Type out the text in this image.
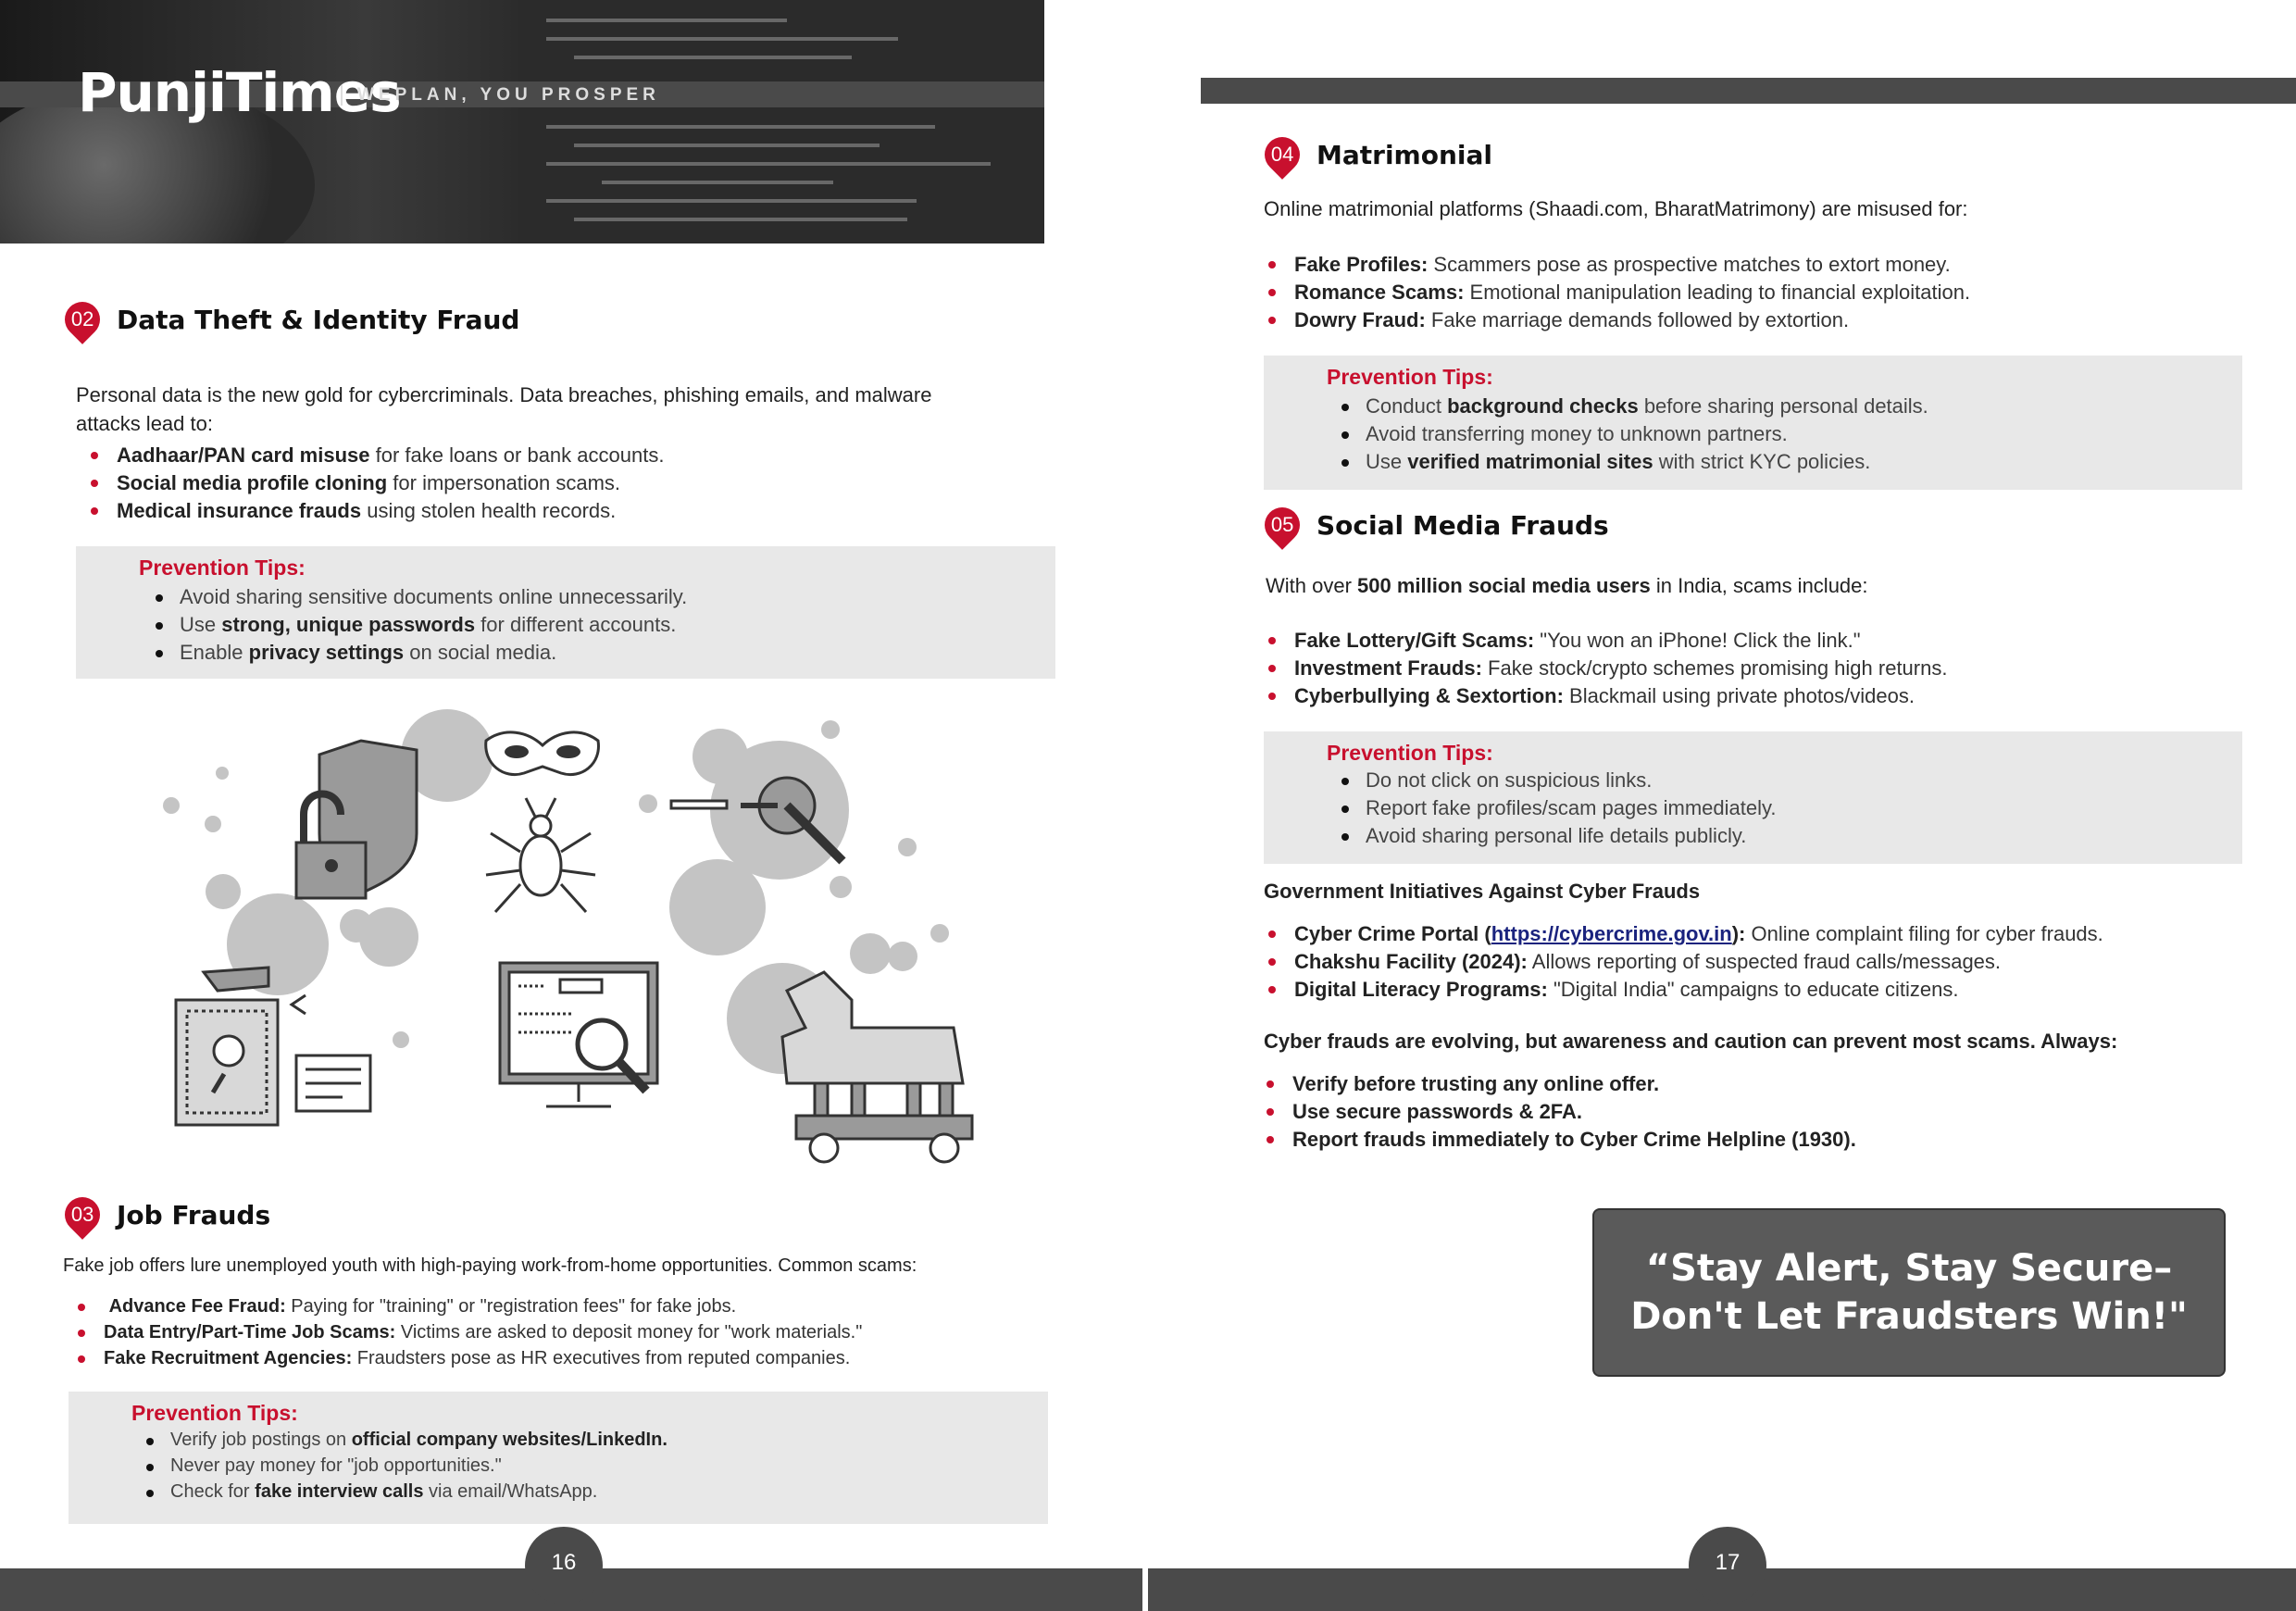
PunjiTimes
WEPLAN, YOU PROSPER
02 Data Theft & Identity Fraud
Personal data is the new gold for cybercriminals. Data breaches, phishing emails, and malware
attacks lead to:
Aadhaar/PAN card misuse for fake loans or bank accounts.
Social media profile cloning for impersonation scams.
Medical insurance frauds using stolen health records.
Prevention Tips:
Avoid sharing sensitive documents online unnecessarily.
Use strong, unique passwords for different accounts.
Enable privacy settings on social media.
03 Job Frauds
Fake job offers lure unemployed youth with high-paying work-from-home opportunities. Common scams:
Advance Fee Fraud: Paying for "training" or "registration fees" for fake jobs.
Data Entry/Part-Time Job Scams: Victims are asked to deposit money for "work materials."
Fake Recruitment Agencies: Fraudsters pose as HR executives from reputed companies.
Prevention Tips:
Verify job postings on official company websites/LinkedIn.
Never pay money for "job opportunities."
Check for fake interview calls via email/WhatsApp.
16
04 Matrimonial
Online matrimonial platforms (Shaadi.com, BharatMatrimony) are misused for:
Fake Profiles: Scammers pose as prospective matches to extort money.
Romance Scams: Emotional manipulation leading to financial exploitation.
Dowry Fraud: Fake marriage demands followed by extortion.
Prevention Tips:
Conduct background checks before sharing personal details.
Avoid transferring money to unknown partners.
Use verified matrimonial sites with strict KYC policies.
05 Social Media Frauds
With over 500 million social media users in India, scams include:
Fake Lottery/Gift Scams: "You won an iPhone! Click the link."
Investment Frauds: Fake stock/crypto schemes promising high returns.
Cyberbullying & Sextortion: Blackmail using private photos/videos.
Prevention Tips:
Do not click on suspicious links.
Report fake profiles/scam pages immediately.
Avoid sharing personal life details publicly.
Government Initiatives Against Cyber Frauds
Cyber Crime Portal (https://cybercrime.gov.in): Online complaint filing for cyber frauds.
Chakshu Facility (2024): Allows reporting of suspected fraud calls/messages.
Digital Literacy Programs: "Digital India" campaigns to educate citizens.
Cyber frauds are evolving, but awareness and caution can prevent most scams. Always:
Verify before trusting any online offer.
Use secure passwords & 2FA.
Report frauds immediately to Cyber Crime Helpline (1930).
“Stay Alert, Stay Secure–
Don't Let Fraudsters Win!"
17
